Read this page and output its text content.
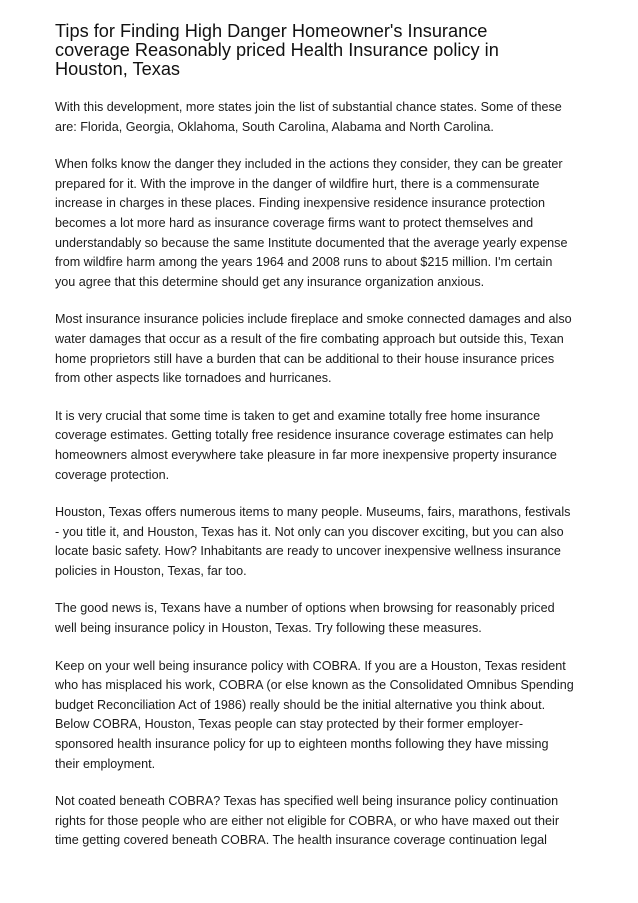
Tips for Finding High Danger Homeowner's Insurance
coverage Reasonably priced Health Insurance policy in
Houston, Texas
With this development, more states join the list of substantial chance states. Some of these
are: Florida, Georgia, Oklahoma, South Carolina, Alabama and North Carolina.
When folks know the danger they included in the actions they consider, they can be greater
prepared for it. With the improve in the danger of wildfire hurt, there is a commensurate
increase in charges in these places. Finding inexpensive residence insurance protection
becomes a lot more hard as insurance coverage firms want to protect themselves and
understandably so because the same Institute documented that the average yearly expense
from wildfire harm among the years 1964 and 2008 runs to about $215 million. I'm certain
you agree that this determine should get any insurance organization anxious.
Most insurance insurance policies include fireplace and smoke connected damages and also
water damages that occur as a result of the fire combating approach but outside this, Texan
home proprietors still have a burden that can be additional to their house insurance prices
from other aspects like tornadoes and hurricanes.
It is very crucial that some time is taken to get and examine totally free home insurance
coverage estimates. Getting totally free residence insurance coverage estimates can help
homeowners almost everywhere take pleasure in far more inexpensive property insurance
coverage protection.
Houston, Texas offers numerous items to many people. Museums, fairs, marathons, festivals
- you title it, and Houston, Texas has it. Not only can you discover exciting, but you can also
locate basic safety. How? Inhabitants are ready to uncover inexpensive wellness insurance
policies in Houston, Texas, far too.
The good news is, Texans have a number of options when browsing for reasonably priced
well being insurance policy in Houston, Texas. Try following these measures.
Keep on your well being insurance policy with COBRA. If you are a Houston, Texas resident
who has misplaced his work, COBRA (or else known as the Consolidated Omnibus Spending
budget Reconciliation Act of 1986) really should be the initial alternative you think about.
Below COBRA, Houston, Texas people can stay protected by their former employer-
sponsored health insurance policy for up to eighteen months following they have missing
their employment.
Not coated beneath COBRA? Texas has specified well being insurance policy continuation
rights for those people who are either not eligible for COBRA, or who have maxed out their
time getting covered beneath COBRA. The health insurance coverage continuation legal
